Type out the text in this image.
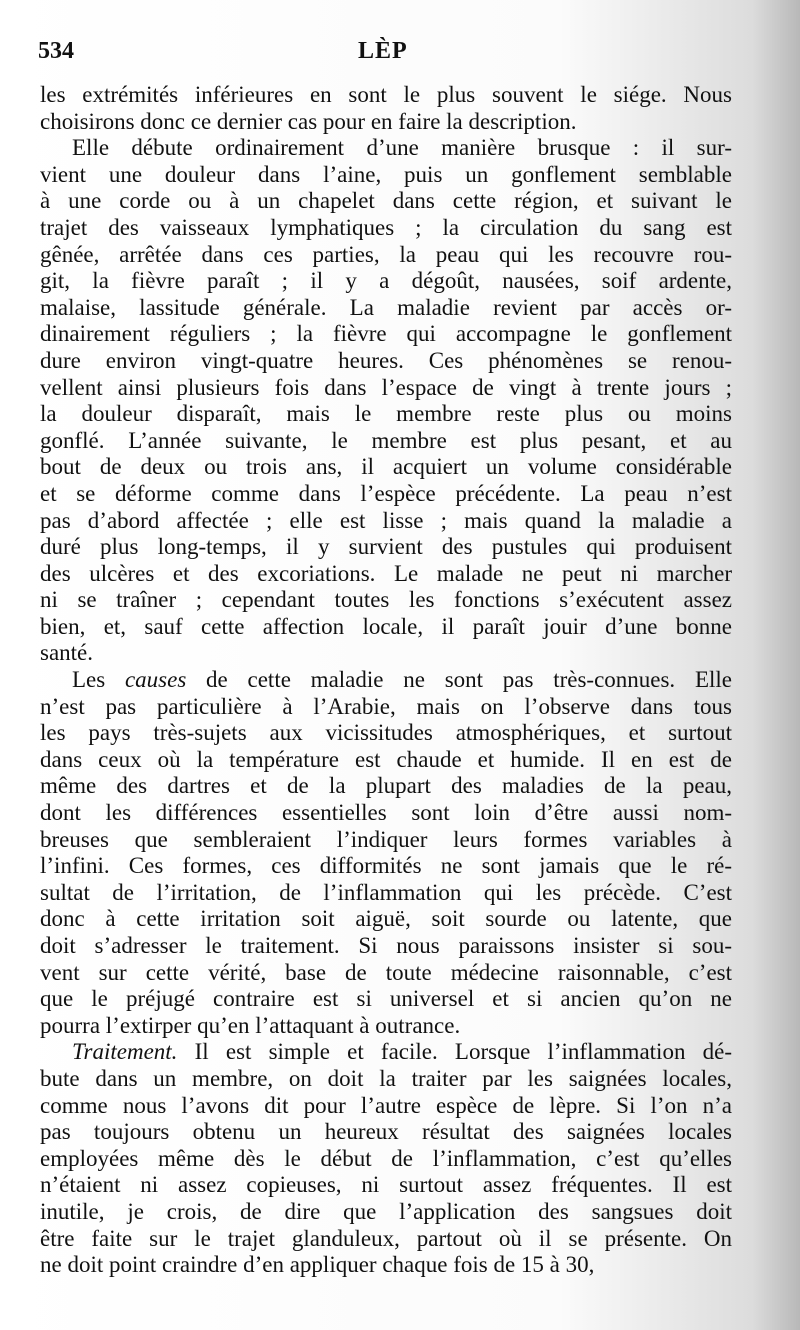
534	LÈP

les extrémités inférieures en sont le plus souvent le siége. Nous
choisirons donc ce dernier cas pour en faire la description.

Elle débute ordinairement d’une manière brusque : il sur-
vient une douleur dans l’aine, puis un gonflement semblable
à une corde ou à un chapelet dans cette région, et suivant le
trajet des vaisseaux lymphatiques ; la circulation du sang est
gênée, arrêtée dans ces parties, la peau qui les recouvre rou-
git, la fièvre paraît ; il y a dégoût, nausées, soif ardente,
malaise, lassitude générale. La maladie revient par accès or-
dinairement réguliers ; la fièvre qui accompagne le gonflement
dure environ vingt-quatre heures. Ces phénomènes se renou-
vellent ainsi plusieurs fois dans l’espace de vingt à trente jours ;
la douleur disparaît, mais le membre reste plus ou moins
gonflé. L’année suivante, le membre est plus pesant, et au
bout de deux ou trois ans, il acquiert un volume considérable
et se déforme comme dans l’espèce précédente. La peau n’est
pas d’abord affectée ; elle est lisse ; mais quand la maladie a
duré plus long-temps, il y survient des pustules qui produisent
des ulcères et des excoriations. Le malade ne peut ni marcher
ni se traîner ; cependant toutes les fonctions s’exécutent assez
bien, et, sauf cette affection locale, il paraît jouir d’une bonne
santé.

Les causes de cette maladie ne sont pas très-connues. Elle
n’est pas particulière à l’Arabie, mais on l’observe dans tous
les pays très-sujets aux vicissitudes atmosphériques, et surtout
dans ceux où la température est chaude et humide. Il en est de
même des dartres et de la plupart des maladies de la peau,
dont les différences essentielles sont loin d’être aussi nom-
breuses que sembleraient l’indiquer leurs formes variables à
l’infini. Ces formes, ces difformités ne sont jamais que le ré-
sultat de l’irritation, de l’inflammation qui les précède. C’est
donc à cette irritation soit aiguë, soit sourde ou latente, que
doit s’adresser le traitement. Si nous paraissons insister si sou-
vent sur cette vérité, base de toute médecine raisonnable, c’est
que le préjugé contraire est si universel et si ancien qu’on ne
pourra l’extirper qu’en l’attaquant à outrance.

Traitement. Il est simple et facile. Lorsque l’inflammation dé-
bute dans un membre, on doit la traiter par les saignées locales,
comme nous l’avons dit pour l’autre espèce de lèpre. Si l’on n’a
pas toujours obtenu un heureux résultat des saignées locales
employées même dès le début de l’inflammation, c’est qu’elles
n’étaient ni assez copieuses, ni surtout assez fréquentes. Il est
inutile, je crois, de dire que l’application des sangsues doit
être faite sur le trajet glanduleux, partout où il se présente. On
ne doit point craindre d’en appliquer chaque fois de 15 à 30,
